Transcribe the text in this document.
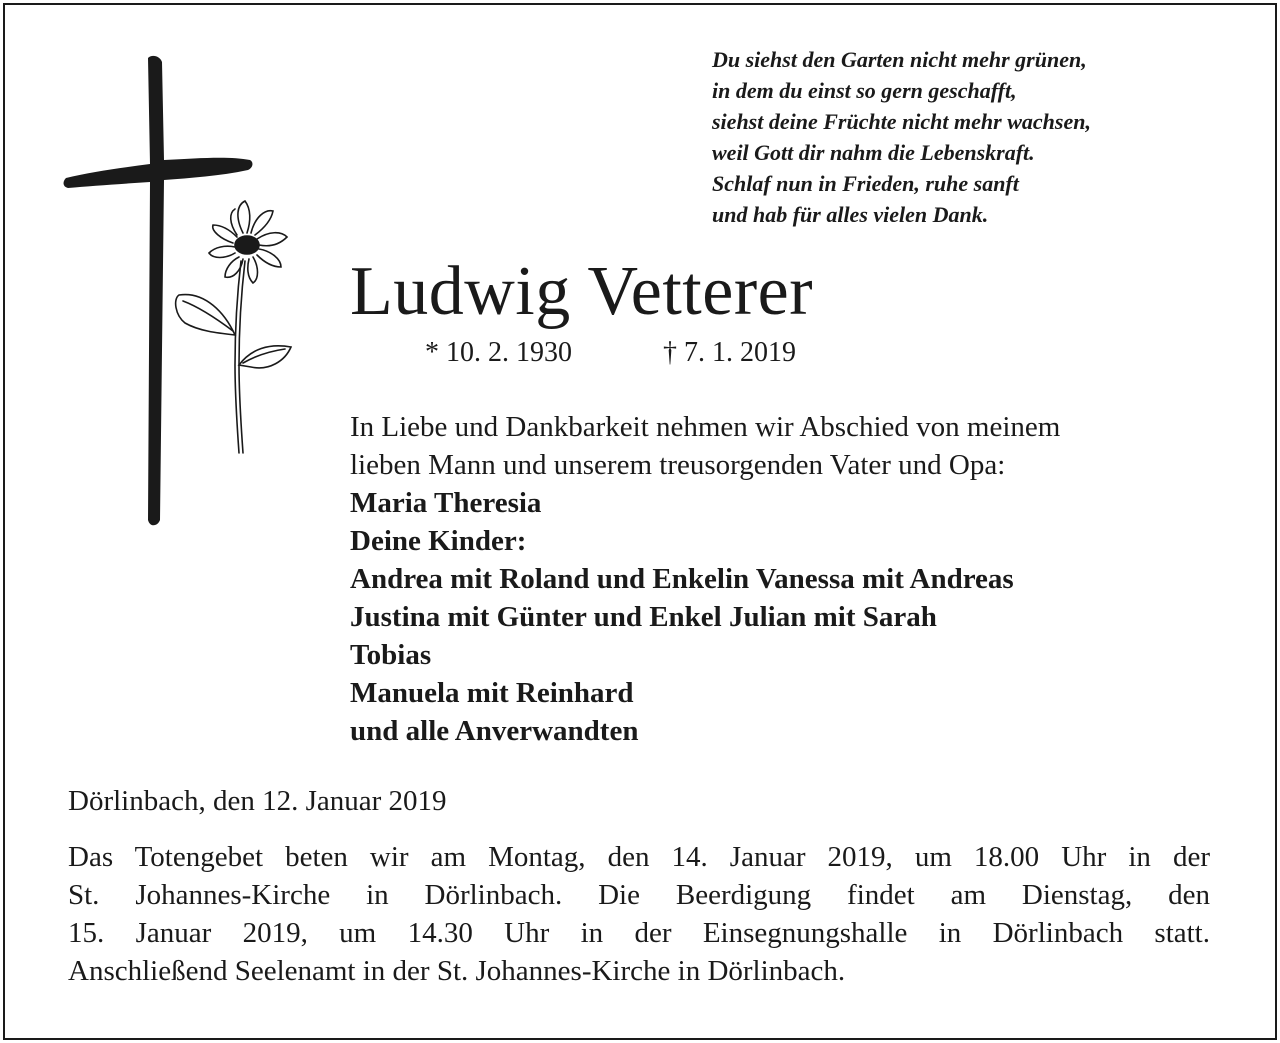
Du siehst den Garten nicht mehr grünen,
in dem du einst so gern geschafft,
siehst deine Früchte nicht mehr wachsen,
weil Gott dir nahm die Lebenskraft.
Schlaf nun in Frieden, ruhe sanft
und hab für alles vielen Dank.
Ludwig Vetterer
* 10. 2. 1930	† 7. 1. 2019
In Liebe und Dankbarkeit nehmen wir Abschied von meinem
lieben Mann und unserem treusorgenden Vater und Opa:
Maria Theresia
Deine Kinder:
Andrea mit Roland und Enkelin Vanessa mit Andreas
Justina mit Günter und Enkel Julian mit Sarah
Tobias
Manuela mit Reinhard
und alle Anverwandten
Dörlinbach, den 12. Januar 2019
Das Totengebet beten wir am Montag, den 14. Januar 2019, um 18.00 Uhr in der
St. Johannes-Kirche in Dörlinbach. Die Beerdigung findet am Dienstag, den
15. Januar 2019, um 14.30 Uhr in der Einsegnungshalle in Dörlinbach statt.
Anschließend Seelenamt in der St. Johannes-Kirche in Dörlinbach.
